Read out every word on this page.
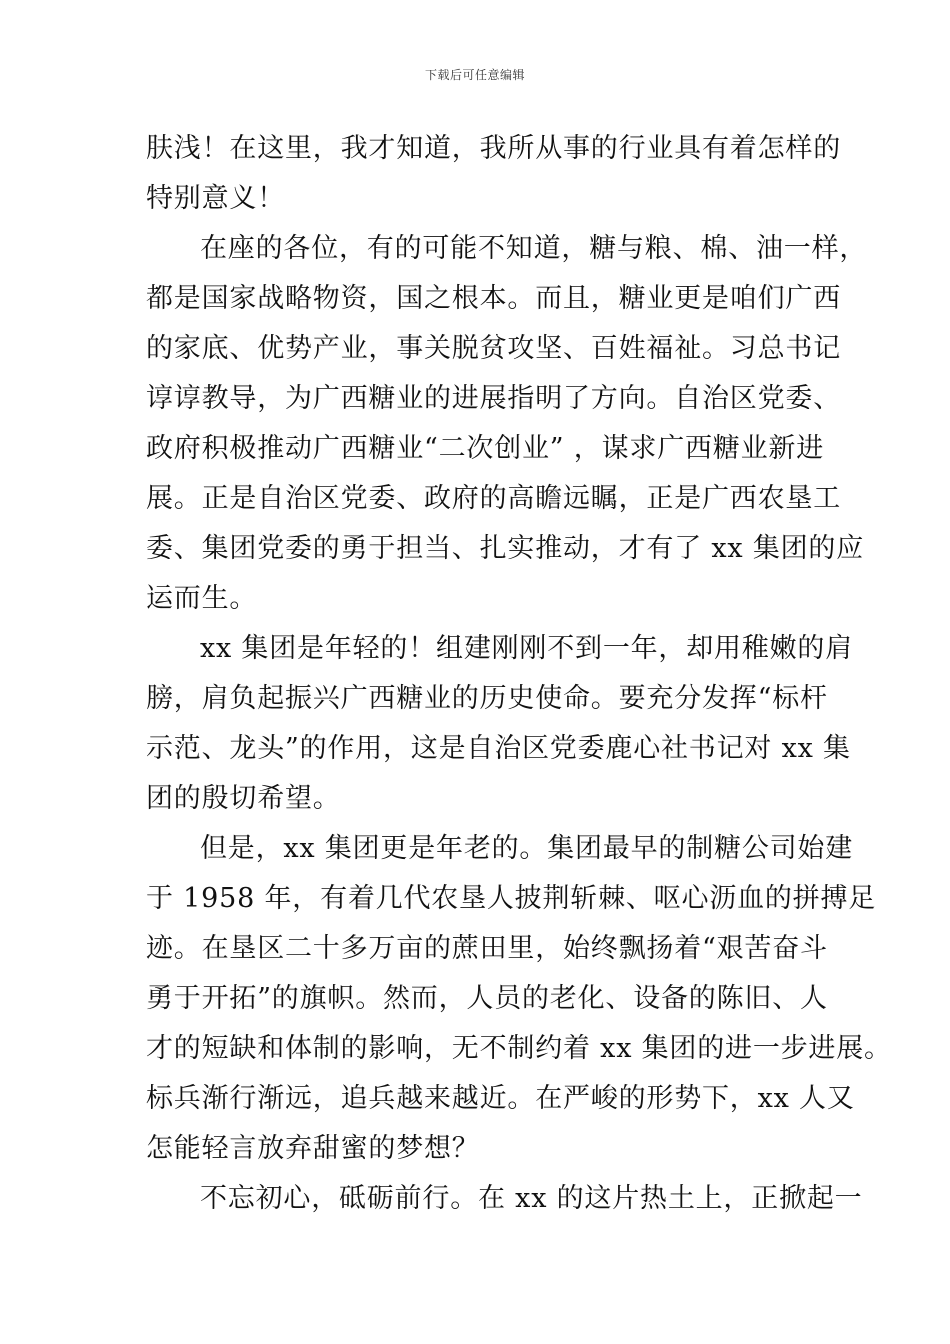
下载后可任意编辑
肤浅！在这里，我才知道，我所从事的行业具有着怎样的
特别意义！
在座的各位，有的可能不知道，糖与粮、棉、油一样，
都是国家战略物资，国之根本。而且，糖业更是咱们广西
的家底、优势产业，事关脱贫攻坚、百姓福祉。习总书记
谆谆教导，为广西糖业的进展指明了方向。自治区党委、
政府积极推动广西糖业“二次创业” ，谋求广西糖业新进
展。正是自治区党委、政府的高瞻远瞩，正是广西农垦工
委、集团党委的勇于担当、扎实推动，才有了 xx 集团的应
运而生。
xx 集团是年轻的！组建刚刚不到一年，却用稚嫩的肩
膀，肩负起振兴广西糖业的历史使命。要充分发挥“标杆
示范、龙头”的作用，这是自治区党委鹿心社书记对 xx 集
团的殷切希望。
但是，xx 集团更是年老的。集团最早的制糖公司始建
于 1958 年，有着几代农垦人披荆斩棘、呕心沥血的拼搏足
迹。在垦区二十多万亩的蔗田里，始终飘扬着“艰苦奋斗
勇于开拓”的旗帜。然而，人员的老化、设备的陈旧、人
才的短缺和体制的影响，无不制约着 xx 集团的进一步进展。
标兵渐行渐远，追兵越来越近。在严峻的形势下，xx 人又
怎能轻言放弃甜蜜的梦想？
不忘初心，砥砺前行。在 xx 的这片热土上，正掀起一
